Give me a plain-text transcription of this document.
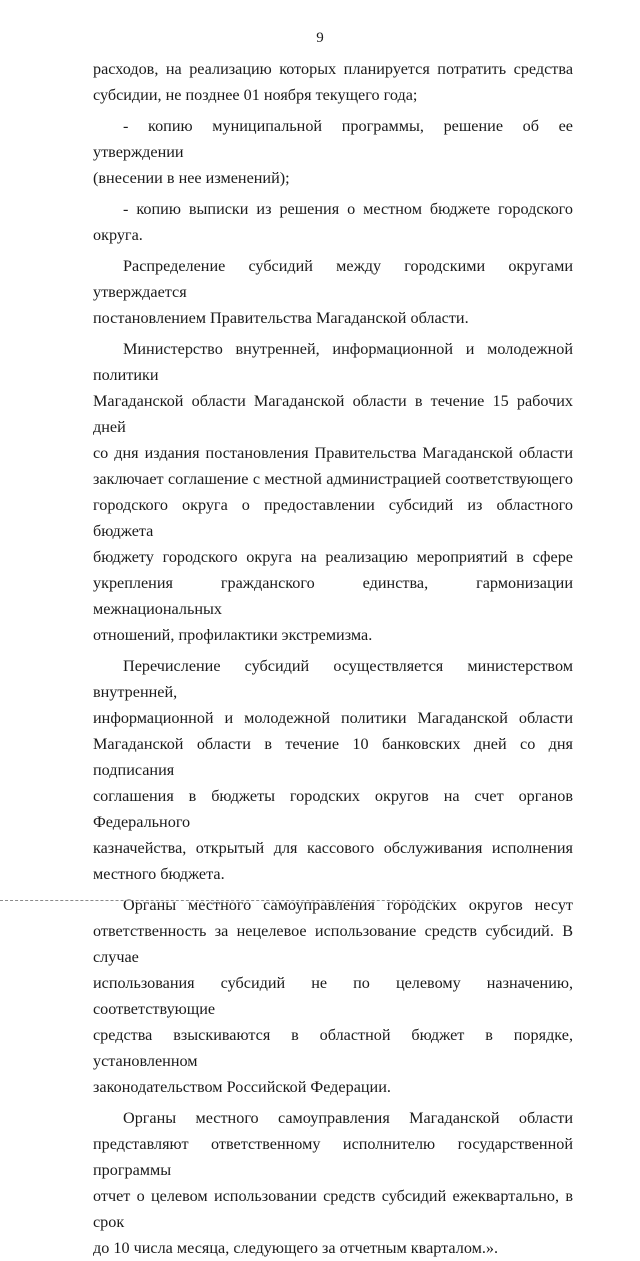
9

расходов, на реализацию которых планируется потратить средства

субсидии, не позднее 01 ноября текущего года;

- копию муниципальной программы, решение об ее утверждении

(внесении в нее изменений);

- копию выписки из решения о местном бюджете городского округа.

Распределение субсидий между городскими округами утверждается

постановлением Правительства Магаданской области.

Министерство внутренней, информационной и молодежной политики

Магаданской области Магаданской области в течение 15 рабочих дней

со дня издания постановления Правительства Магаданской области

заключает соглашение с местной администрацией соответствующего

городского округа о предоставлении субсидий из областного бюджета

бюджету городского округа на реализацию мероприятий в сфере

укрепления гражданского единства, гармонизации межнациональных

отношений, профилактики экстремизма.

Перечисление субсидий осуществляется министерством внутренней,

информационной и молодежной политики Магаданской области

Магаданской области в течение 10 банковских дней со дня подписания

соглашения в бюджеты городских округов на счет органов Федерального

казначейства, открытый для кассового обслуживания исполнения

местного бюджета.

Органы местного самоуправления городских округов несут

ответственность за нецелевое использование средств субсидий. В случае

использования субсидий не по целевому назначению, соответствующие

средства взыскиваются в областной бюджет в порядке, установленном

законодательством Российской Федерации.

Органы местного самоуправления Магаданской области

представляют ответственному исполнителю государственной программы

отчет о целевом использовании средств субсидий ежеквартально, в срок

до 10 числа месяца, следующего за отчетным кварталом.».
